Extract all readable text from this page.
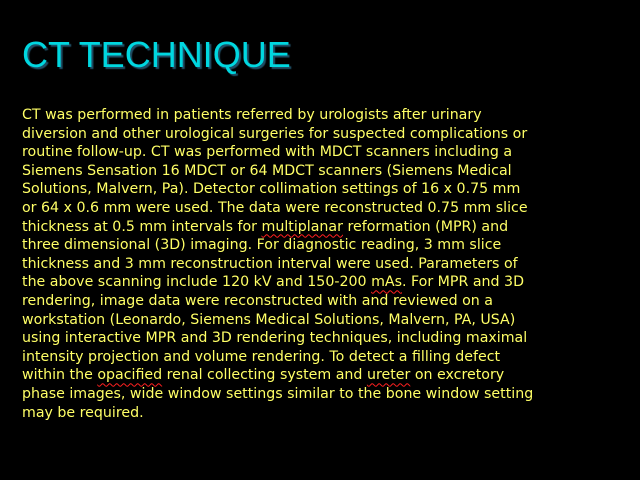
CT TECHNIQUE
CT was performed in patients referred by urologists after urinary
diversion and other urological surgeries for suspected complications or
routine follow-up. CT was performed with MDCT scanners including a
Siemens Sensation 16 MDCT or 64 MDCT scanners (Siemens Medical
Solutions, Malvern, Pa). Detector collimation settings of 16 x 0.75 mm
or 64 x 0.6 mm were used. The data were reconstructed 0.75 mm slice
thickness at 0.5 mm intervals for multiplanar reformation (MPR) and
three dimensional (3D) imaging. For diagnostic reading, 3 mm slice
thickness and 3 mm reconstruction interval were used. Parameters of
the above scanning include 120 kV and 150-200 mAs. For MPR and 3D
rendering, image data were reconstructed with and reviewed on a
workstation (Leonardo, Siemens Medical Solutions, Malvern, PA, USA)
using interactive MPR and 3D rendering techniques, including maximal
intensity projection and volume rendering. To detect a filling defect
within the opacified renal collecting system and ureter on excretory
phase images, wide window settings similar to the bone window setting
may be required.
